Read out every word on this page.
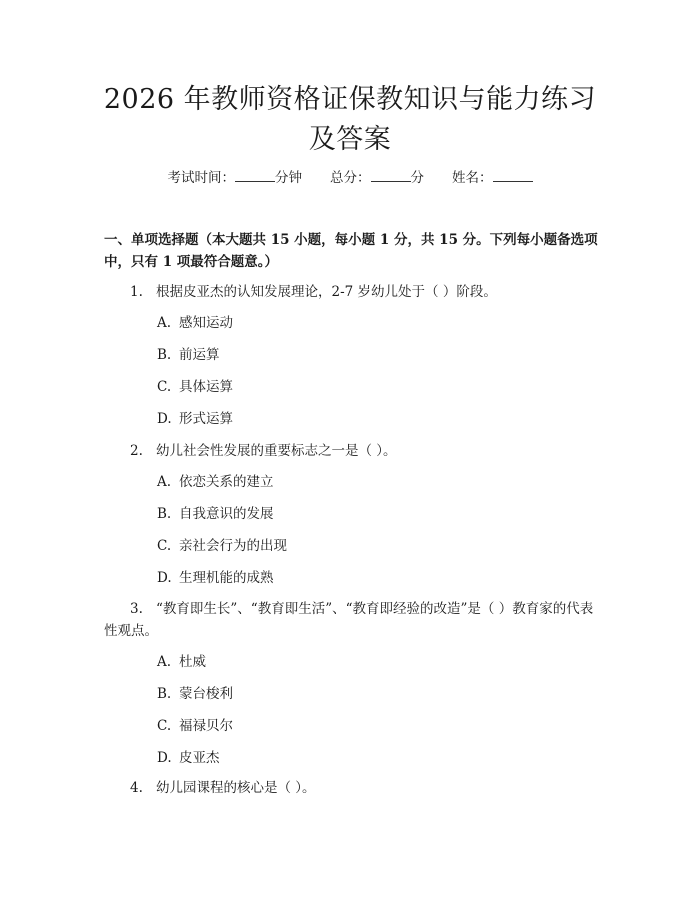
2026 年教师资格证保教知识与能力练习及答案
考试时间：	分钟 总分：	分 姓名：
一、单项选择题（本大题共 15 小题，每小题 1 分，共 15 分。下列每小题备选项中，只有 1 项最符合题意。）
1. 根据皮亚杰的认知发展理论，2-7 岁幼儿处于（ ）阶段。
A. 感知运动
B. 前运算
C. 具体运算
D. 形式运算
2. 幼儿社会性发展的重要标志之一是（ ）。
A. 依恋关系的建立
B. 自我意识的发展
C. 亲社会行为的出现
D. 生理机能的成熟
3. “教育即生长”、“教育即生活”、“教育即经验的改造”是（ ）教育家的代表性观点。
A. 杜威
B. 蒙台梭利
C. 福禄贝尔
D. 皮亚杰
4. 幼儿园课程的核心是（ ）。
